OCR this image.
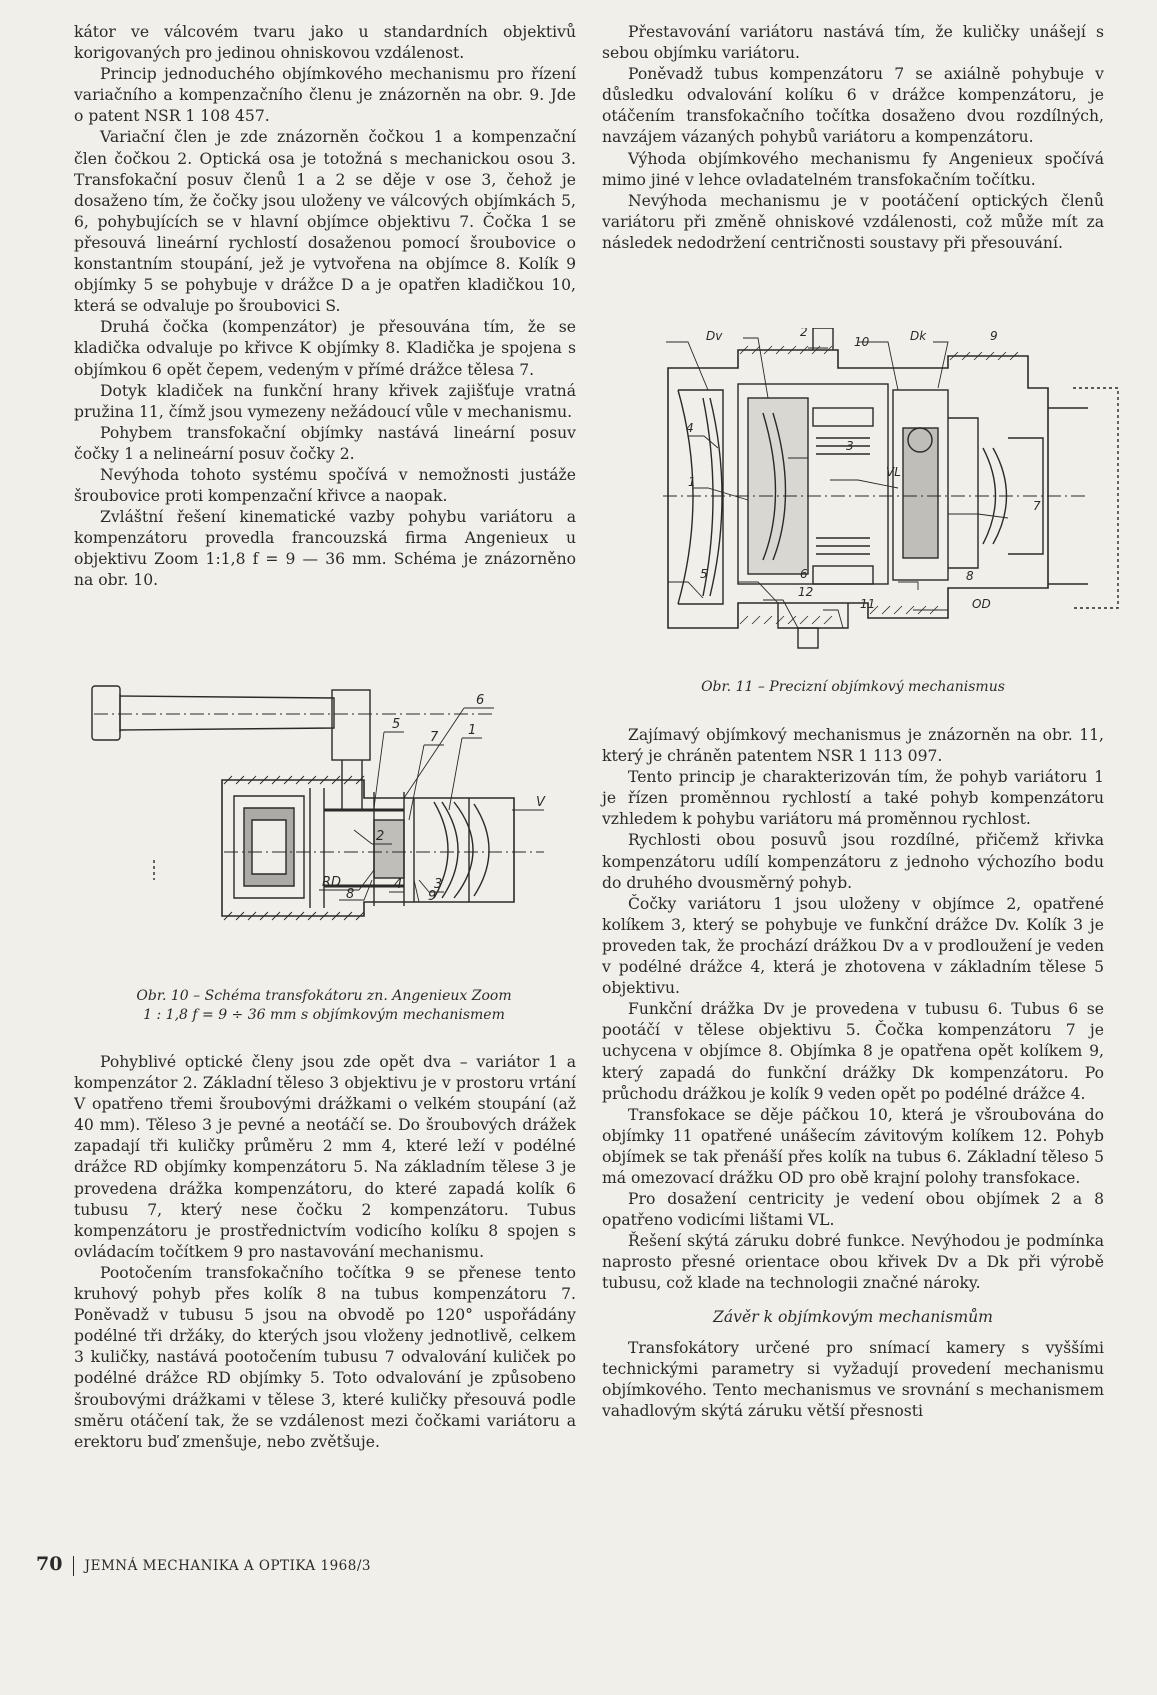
kátor ve válcovém tvaru jako u standardních objektivů korigovaných pro jedinou ohniskovou vzdálenost.

Princip jednoduchého objímkového mechanismu pro řízení variačního a kompenzačního členu je znázorněn na obr. 9. Jde o patent NSR 1 108 457.

Variační člen je zde znázorněn čočkou 1 a kompenzační člen čočkou 2. Optická osa je totožná s mechanickou osou 3. Transfokační posuv členů 1 a 2 se děje v ose 3, čehož je dosaženo tím, že čočky jsou uloženy ve válcových objímkách 5, 6, pohybujících se v hlavní objímce objektivu 7. Čočka 1 se přesouvá lineární rychlostí dosaženou pomocí šroubovice o konstantním stoupání, jež je vytvořena na objímce 8. Kolík 9 objímky 5 se pohybuje v drážce D a je opatřen kladičkou 10, která se odvaluje po šroubovici S.

Druhá čočka (kompenzátor) je přesouvána tím, že se kladička odvaluje po křivce K objímky 8. Kladička je spojena s objímkou 6 opět čepem, vedeným v přímé drážce tělesa 7.

Dotyk kladiček na funkční hrany křivek zajišťuje vratná pružina 11, čímž jsou vymezeny nežádoucí vůle v mechanismu.

Pohybem transfokační objímky nastává lineární posuv čočky 1 a nelineární posuv čočky 2.

Nevýhoda tohoto systému spočívá v nemožnosti justáže šroubovice proti kompenzační křivce a naopak.

Zvláštní řešení kinematické vazby pohybu variátoru a kompenzátoru provedla francouzská firma Angenieux u objektivu Zoom 1:1,8 f = 9 — 36 mm. Schéma je znázorněno na obr. 10.

6
5
7 1
V
2
RD	4 3
8	9
Obr. 10 – Schéma transfokátoru zn. Angenieux Zoom
1 : 1,8 f = 9 ÷ 36 mm s objímkovým mechanismem

Pohyblivé optické členy jsou zde opět dva – variátor 1 a kompenzátor 2. Základní těleso 3 objektivu je v prostoru vrtání V opatřeno třemi šroubovými drážkami o velkém stoupání (až 40 mm). Těleso 3 je pevné a neotáčí se. Do šroubových drážek zapadají tři kuličky průměru 2 mm 4, které leží v podélné drážce RD objímky kompenzátoru 5. Na základním tělese 3 je provedena drážka kompenzátoru, do které zapadá kolík 6 tubusu 7, který nese čočku 2 kompenzátoru. Tubus kompenzátoru je prostřednictvím vodicího kolíku 8 spojen s ovládacím točítkem 9 pro nastavování mechanismu.

Pootočením transfokačního točítka 9 se přenese tento kruhový pohyb přes kolík 8 na tubus kompenzátoru 7. Poněvadž v tubusu 5 jsou na obvodě po 120° uspořádány podélné tři držáky, do kterých jsou vloženy jednotlivě, celkem 3 kuličky, nastává pootočením tubusu 7 odvalování kuliček po podélné drážce RD objímky 5. Toto odvalování je způsobeno šroubovými drážkami v tělese 3, které kuličky přesouvá podle směru otáčení tak, že se vzdálenost mezi čočkami variátoru a erektoru buď zmenšuje, nebo zvětšuje.

Přestavování variátoru nastává tím, že kuličky unášejí s sebou objímku variátoru.

Poněvadž tubus kompenzátoru 7 se axiálně pohybuje v důsledku odvalování kolíku 6 v drážce kompenzátoru, je otáčením transfokačního točítka dosaženo dvou rozdílných, navzájem vázaných pohybů variátoru a kompenzátoru.

Výhoda objímkového mechanismu fy Angenieux spočívá mimo jiné v lehce ovladatelném transfokačním točítku.

Nevýhoda mechanismu je v pootáčení optických členů variátoru při změně ohniskové vzdálenosti, což může mít za následek nedodržení centričnosti soustavy při přesouvání.

Dv	2
10	Dk	9
4
3
1
VL
7
5	6	8
12
11	OD
Obr. 11 – Precizní objímkový mechanismus

Zajímavý objímkový mechanismus je znázorněn na obr. 11, který je chráněn patentem NSR 1 113 097.

Tento princip je charakterizován tím, že pohyb variátoru 1 je řízen proměnnou rychlostí a také pohyb kompenzátoru vzhledem k pohybu variátoru má proměnnou rychlost.

Rychlosti obou posuvů jsou rozdílné, přičemž křivka kompenzátoru udílí kompenzátoru z jednoho výchozího bodu do druhého dvousměrný pohyb.

Čočky variátoru 1 jsou uloženy v objímce 2, opatřené kolíkem 3, který se pohybuje ve funkční drážce Dv. Kolík 3 je proveden tak, že prochází drážkou Dv a v prodloužení je veden v podélné drážce 4, která je zhotovena v základním tělese 5 objektivu.

Funkční drážka Dv je provedena v tubusu 6. Tubus 6 se pootáčí v tělese objektivu 5. Čočka kompenzátoru 7 je uchycena v objímce 8. Objímka 8 je opatřena opět kolíkem 9, který zapadá do funkční drážky Dk kompenzátoru. Po průchodu drážkou je kolík 9 veden opět po podélné drážce 4.

Transfokace se děje páčkou 10, která je všroubována do objímky 11 opatřené unášecím závitovým kolíkem 12. Pohyb objímek se tak přenáší přes kolík na tubus 6. Základní těleso 5 má omezovací drážku OD pro obě krajní polohy transfokace.

Pro dosažení centricity je vedení obou objímek 2 a 8 opatřeno vodicími lištami VL.

Řešení skýtá záruku dobré funkce. Nevýhodou je podmínka naprosto přesné orientace obou křivek Dv a Dk při výrobě tubusu, což klade na technologii značné nároky.

Závěr k objímkovým mechanismům

Transfokátory určené pro snímací kamery s vyššími technickými parametry si vyžadují provedení mechanismu objímkového. Tento mechanismus ve srovnání s mechanismem vahadlovým skýtá záruku větší přesnosti

70 JEMNÁ MECHANIKA A OPTIKA 1968/3
